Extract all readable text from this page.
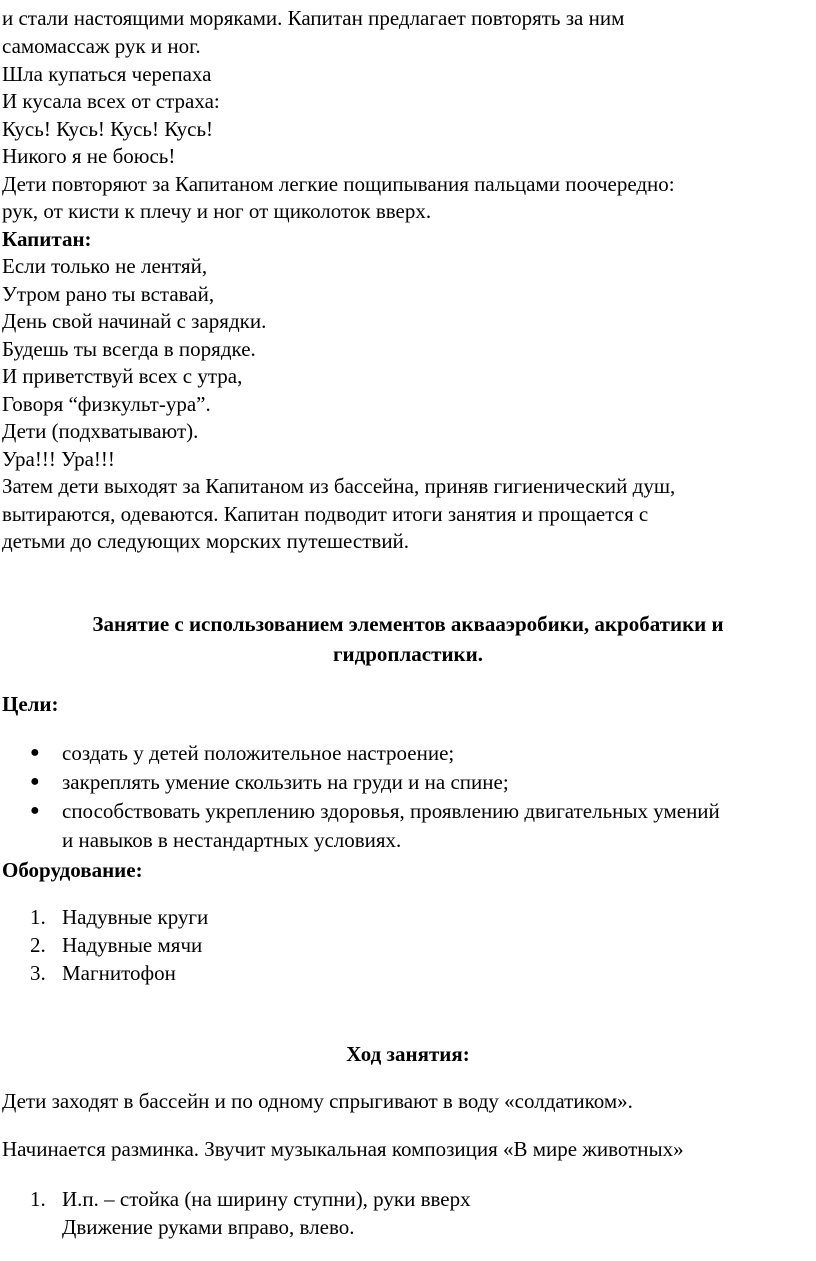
и стали настоящими моряками. Капитан предлагает повторять за ним
самомассаж рук и ног.
Шла купаться черепаха
И кусала всех от страха:
Кусь! Кусь! Кусь! Кусь!
Никого я не боюсь!
Дети повторяют за Капитаном легкие пощипывания пальцами поочередно:
рук, от кисти к плечу и ног от щиколоток вверх.
Капитан:
Если только не лентяй,
Утром рано ты вставай,
День свой начинай с зарядки.
Будешь ты всегда в порядке.
И приветствуй всех с утра,
Говоря “физкульт-ура”.
Дети (подхватывают).
Ура!!! Ура!!!
Затем дети выходят за Капитаном из бассейна, приняв гигиенический душ,
вытираются, одеваются. Капитан подводит итоги занятия и прощается с
детьми до следующих морских путешествий.
Занятие с использованием элементов аквааэробики, акробатики и
гидропластики.
Цели:
● создать у детей положительное настроение;
● закреплять умение скользить на груди и на спине;
● способствовать укреплению здоровья, проявлению двигательных умений
и навыков в нестандартных условиях.
Оборудование:
1. Надувные круги
2. Надувные мячи
3. Магнитофон
Ход занятия:
Дети заходят в бассейн и по одному спрыгивают в воду «солдатиком».
Начинается разминка. Звучит музыкальная композиция «В мире животных»
1. И.п. – стойка (на ширину ступни), руки вверх
Движение руками вправо, влево.
